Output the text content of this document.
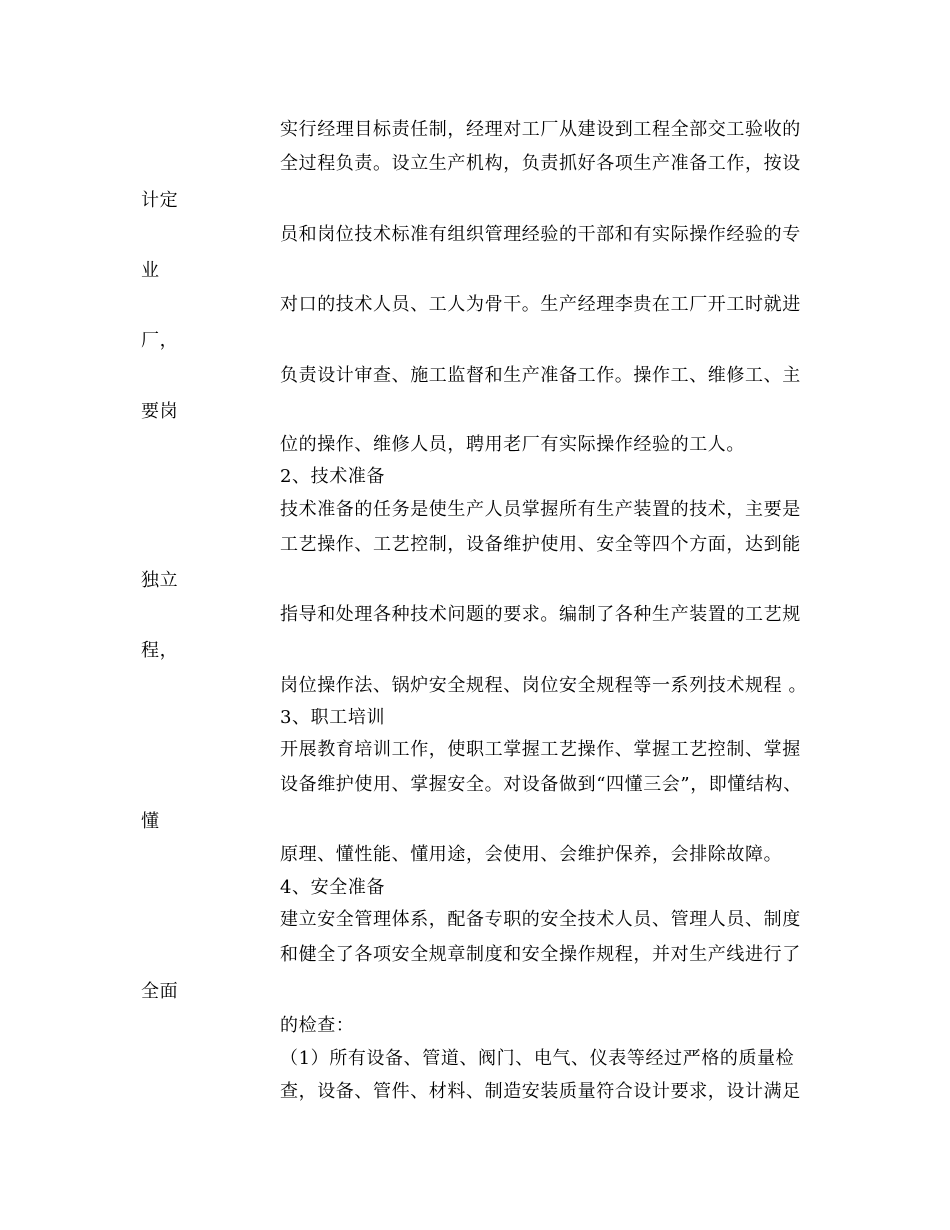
实行经理目标责任制，经理对工厂从建设到工程全部交工验收的
全过程负责。设立生产机构，负责抓好各项生产准备工作，按设
计定
员和岗位技术标准有组织管理经验的干部和有实际操作经验的专
业
对口的技术人员、工人为骨干。生产经理李贵在工厂开工时就进
厂，
负责设计审查、施工监督和生产准备工作。操作工、维修工、主
要岗
位的操作、维修人员，聘用老厂有实际操作经验的工人。
2、技术准备
技术准备的任务是使生产人员掌握所有生产装置的技术，主要是
工艺操作、工艺控制，设备维护使用、安全等四个方面，达到能
独立
指导和处理各种技术问题的要求。编制了各种生产装置的工艺规
程，
岗位操作法、锅炉安全规程、岗位安全规程等一系列技术规程 。
3、职工培训
开展教育培训工作，使职工掌握工艺操作、掌握工艺控制、掌握
设备维护使用、掌握安全。对设备做到“四懂三会”，即懂结构、
懂
原理、懂性能、懂用途，会使用、会维护保养，会排除故障。
4、安全准备
建立安全管理体系，配备专职的安全技术人员、管理人员、制度
和健全了各项安全规章制度和安全操作规程，并对生产线进行了
全面
的检查：
（1）所有设备、管道、阀门、电气、仪表等经过严格的质量检
查，设备、管件、材料、制造安装质量符合设计要求，设计满足
